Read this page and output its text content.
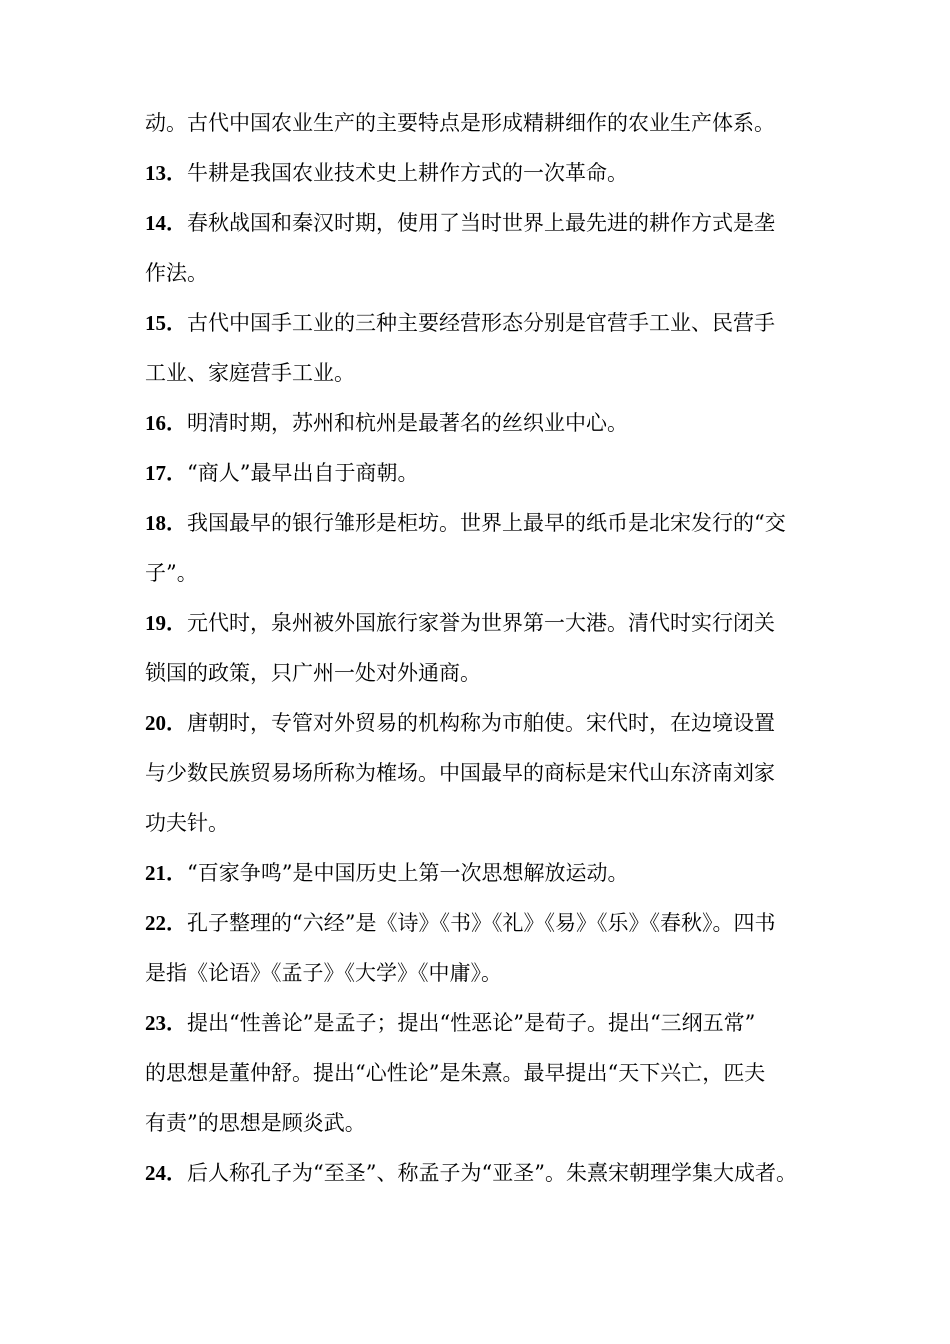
动。古代中国农业生产的主要特点是形成精耕细作的农业生产体系。
13．牛耕是我国农业技术史上耕作方式的一次革命。
14．春秋战国和秦汉时期，使用了当时世界上最先进的耕作方式是垄
作法。
15．古代中国手工业的三种主要经营形态分别是官营手工业、民营手
工业、家庭营手工业。
16．明清时期，苏州和杭州是最著名的丝织业中心。
17．“商人”最早出自于商朝。
18．我国最早的银行雏形是柜坊。世界上最早的纸币是北宋发行的“交
子”。
19．元代时，泉州被外国旅行家誉为世界第一大港。清代时实行闭关
锁国的政策，只广州一处对外通商。
20．唐朝时，专管对外贸易的机构称为市舶使。宋代时，在边境设置
与少数民族贸易场所称为榷场。中国最早的商标是宋代山东济南刘家
功夫针。
21．“百家争鸣”是中国历史上第一次思想解放运动。
22．孔子整理的“六经”是《诗》《书》《礼》《易》《乐》《春秋》。四书
是指《论语》《孟子》《大学》《中庸》。
23．提出“性善论”是孟子；提出“性恶论”是荀子。提出“三纲五常”
的思想是董仲舒。提出“心性论”是朱熹。最早提出“天下兴亡，匹夫
有责”的思想是顾炎武。
24．后人称孔子为“至圣”、称孟子为“亚圣”。朱熹宋朝理学集大成者。
